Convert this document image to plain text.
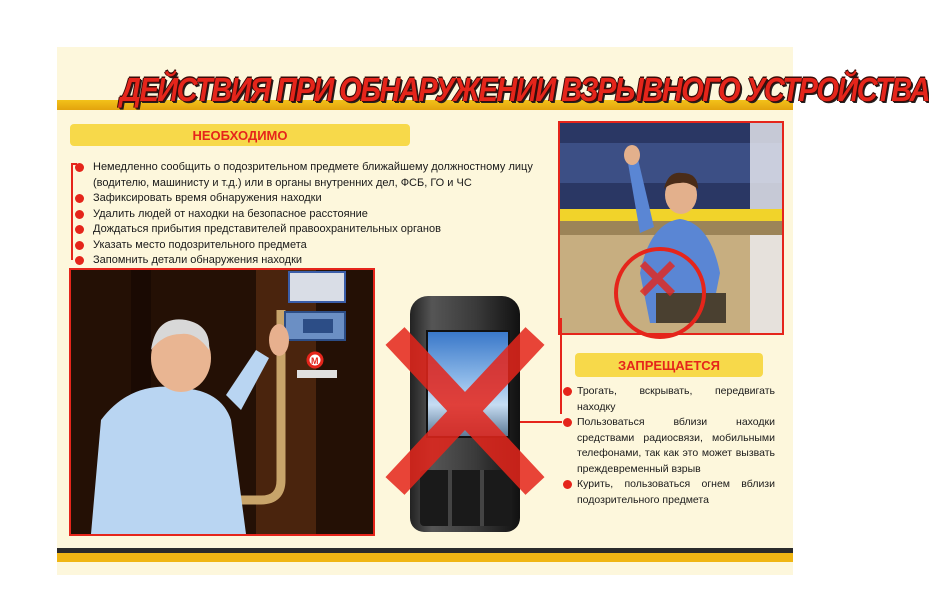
ДЕЙСТВИЯ ПРИ ОБНАРУЖЕНИИ ВЗРЫВНОГО УСТРОЙСТВА
НЕОБХОДИМО
Немедленно сообщить о подозрительном предмете ближайшему должностному лицу (водителю, машинисту и т.д.) или в органы внутренних дел, ФСБ, ГО и ЧС
Зафиксировать время обнаружения находки
Удалить людей от находки на безопасное расстояние
Дождаться прибытия представителей правоохранительных органов
Указать место подозрительного предмета
Запомнить детали обнаружения находки
М
✕
ЗАПРЕЩАЕТСЯ
Трогать, вскрывать, передвигать находку
Пользоваться вблизи находки средствами радиосвязи, мобильными телефонами, так как это может вызвать преждевременный взрыв
Курить, пользоваться огнем вблизи подозрительного предмета
